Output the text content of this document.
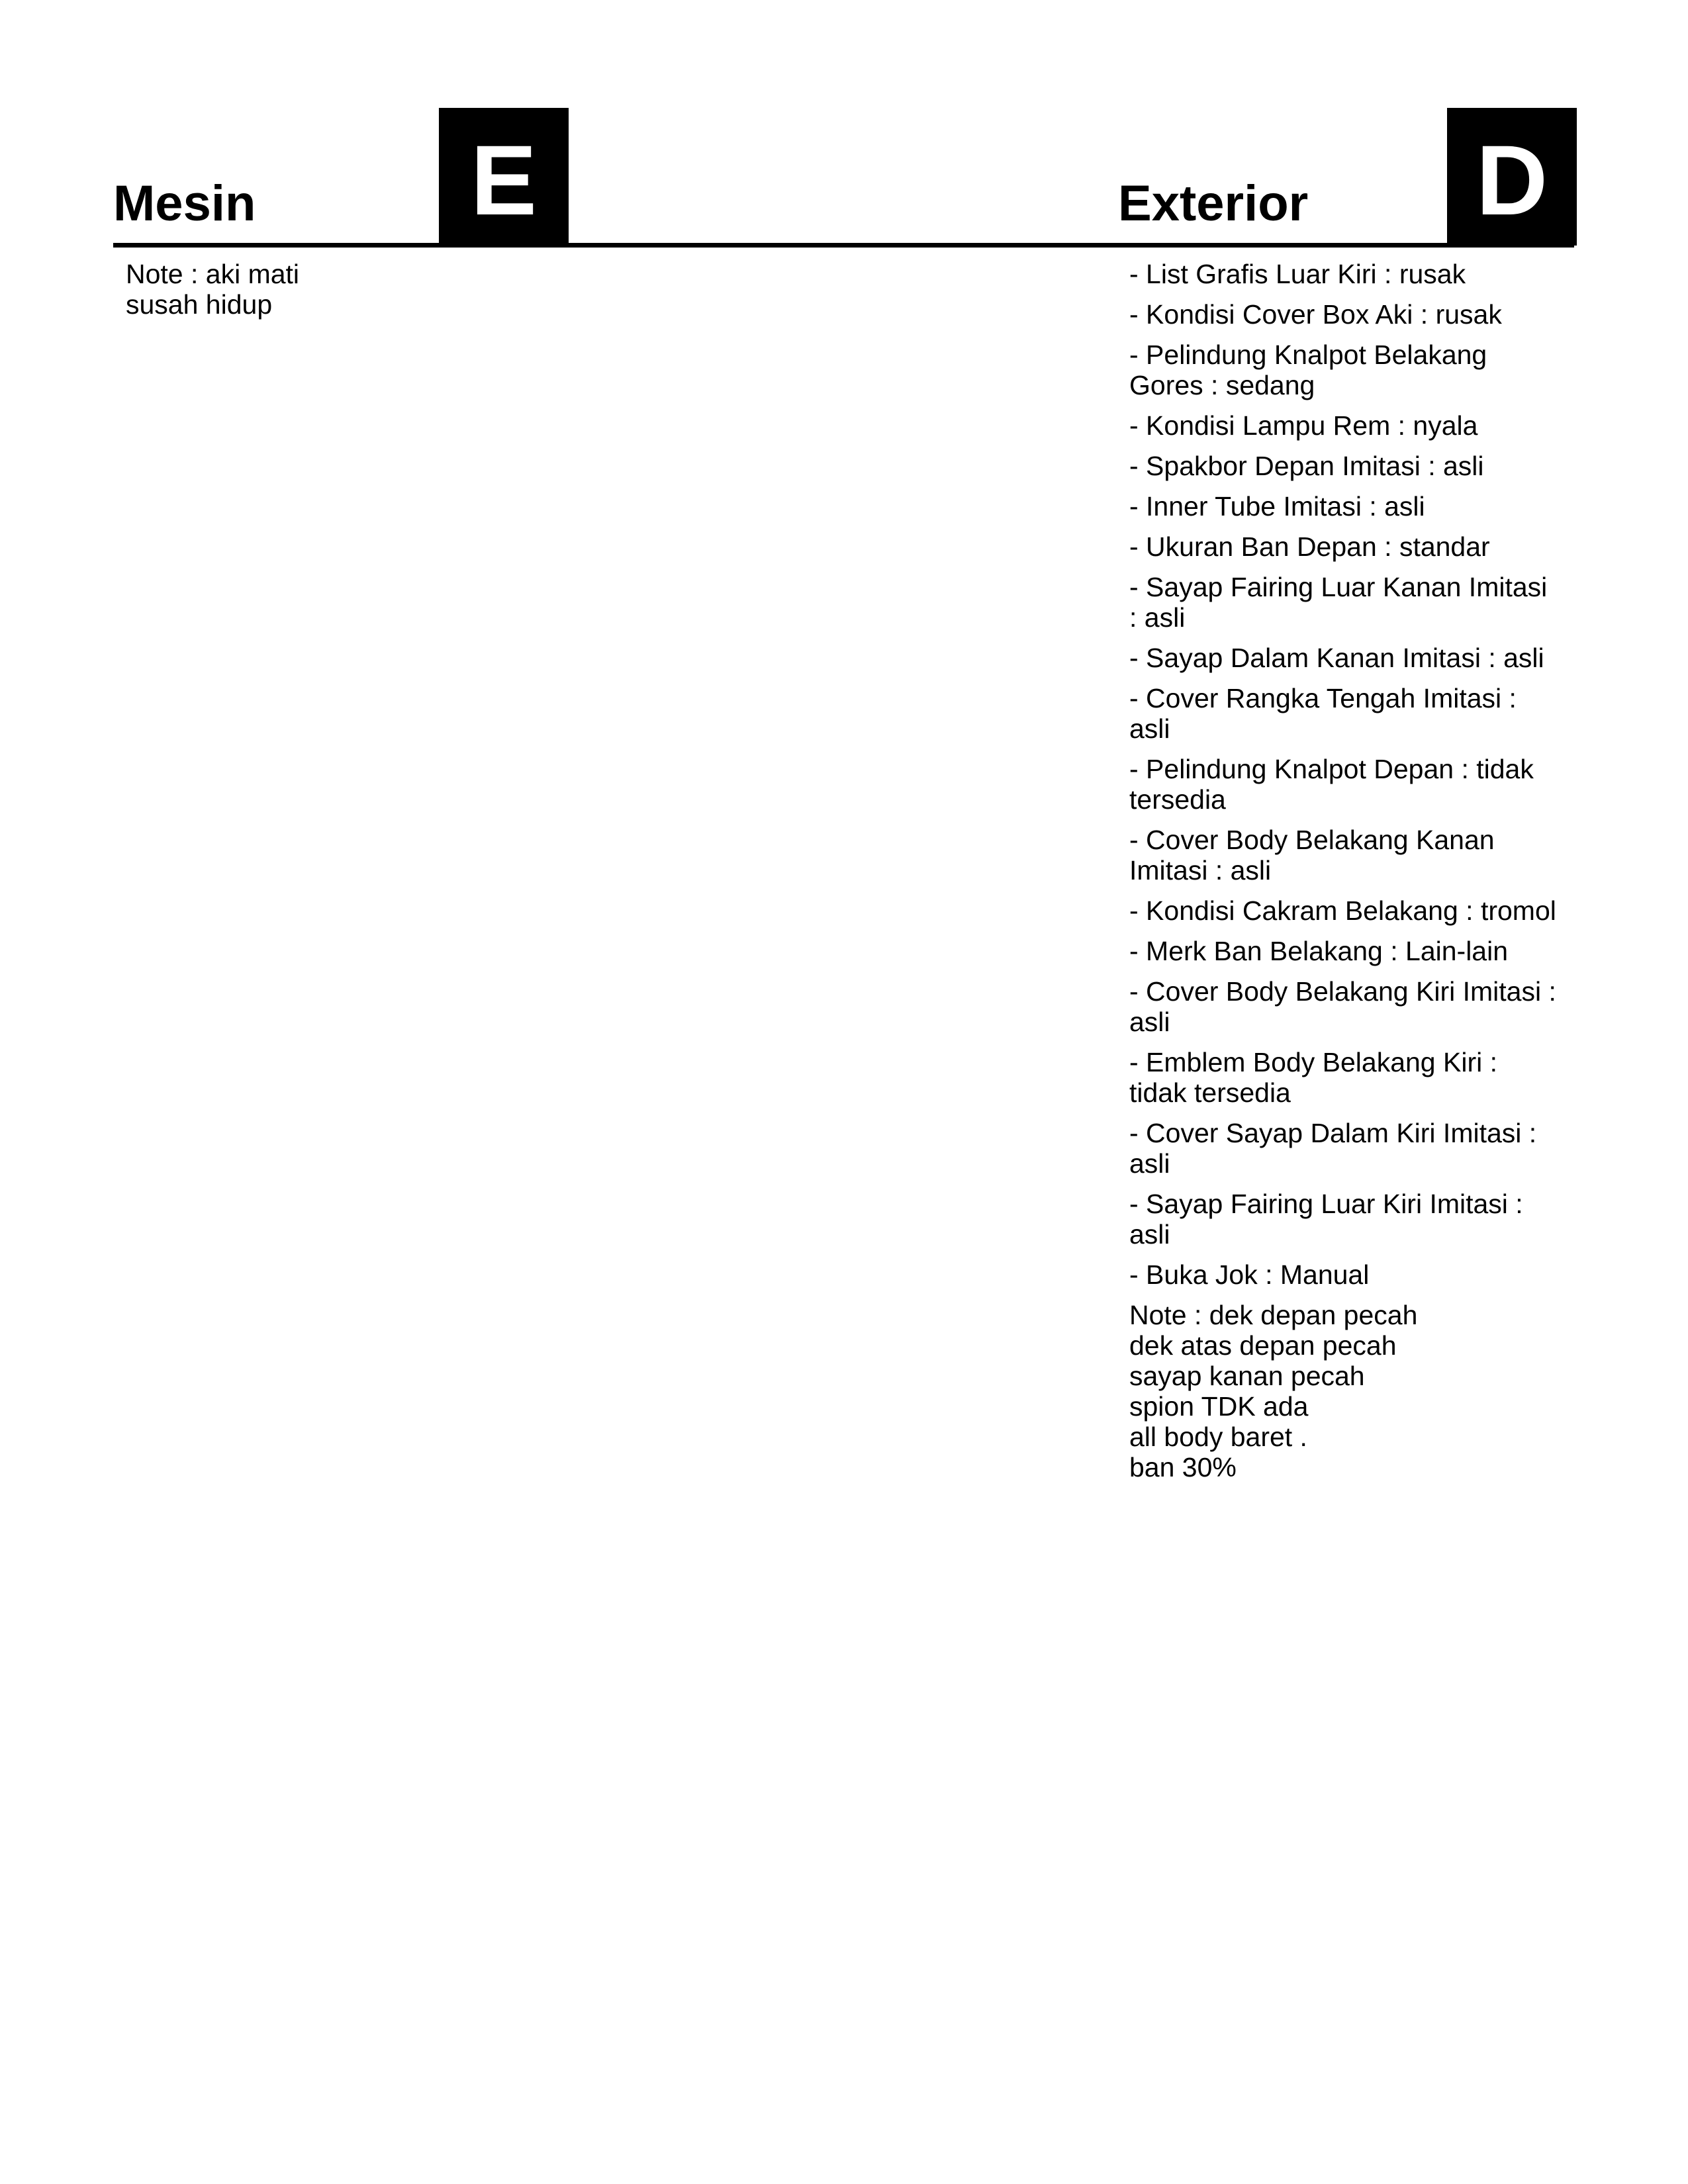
Mesin	E	Exterior D
Note : aki mati
susah hidup
- List Grafis Luar Kiri : rusak
- Kondisi Cover Box Aki : rusak
- Pelindung Knalpot Belakang Gores : sedang
- Kondisi Lampu Rem : nyala
- Spakbor Depan Imitasi : asli
- Inner Tube Imitasi : asli
- Ukuran Ban Depan : standar
- Sayap Fairing Luar Kanan Imitasi : asli
- Sayap Dalam Kanan Imitasi : asli
- Cover Rangka Tengah Imitasi : asli
- Pelindung Knalpot Depan : tidak tersedia
- Cover Body Belakang Kanan Imitasi : asli
- Kondisi Cakram Belakang : tromol
- Merk Ban Belakang : Lain-lain
- Cover Body Belakang Kiri Imitasi : asli
- Emblem Body Belakang Kiri : tidak tersedia
- Cover Sayap Dalam Kiri Imitasi : asli
- Sayap Fairing Luar Kiri Imitasi : asli
- Buka Jok : Manual
Note : dek depan pecah
dek atas depan pecah
sayap kanan pecah
spion TDK ada
all body baret .
ban 30%
